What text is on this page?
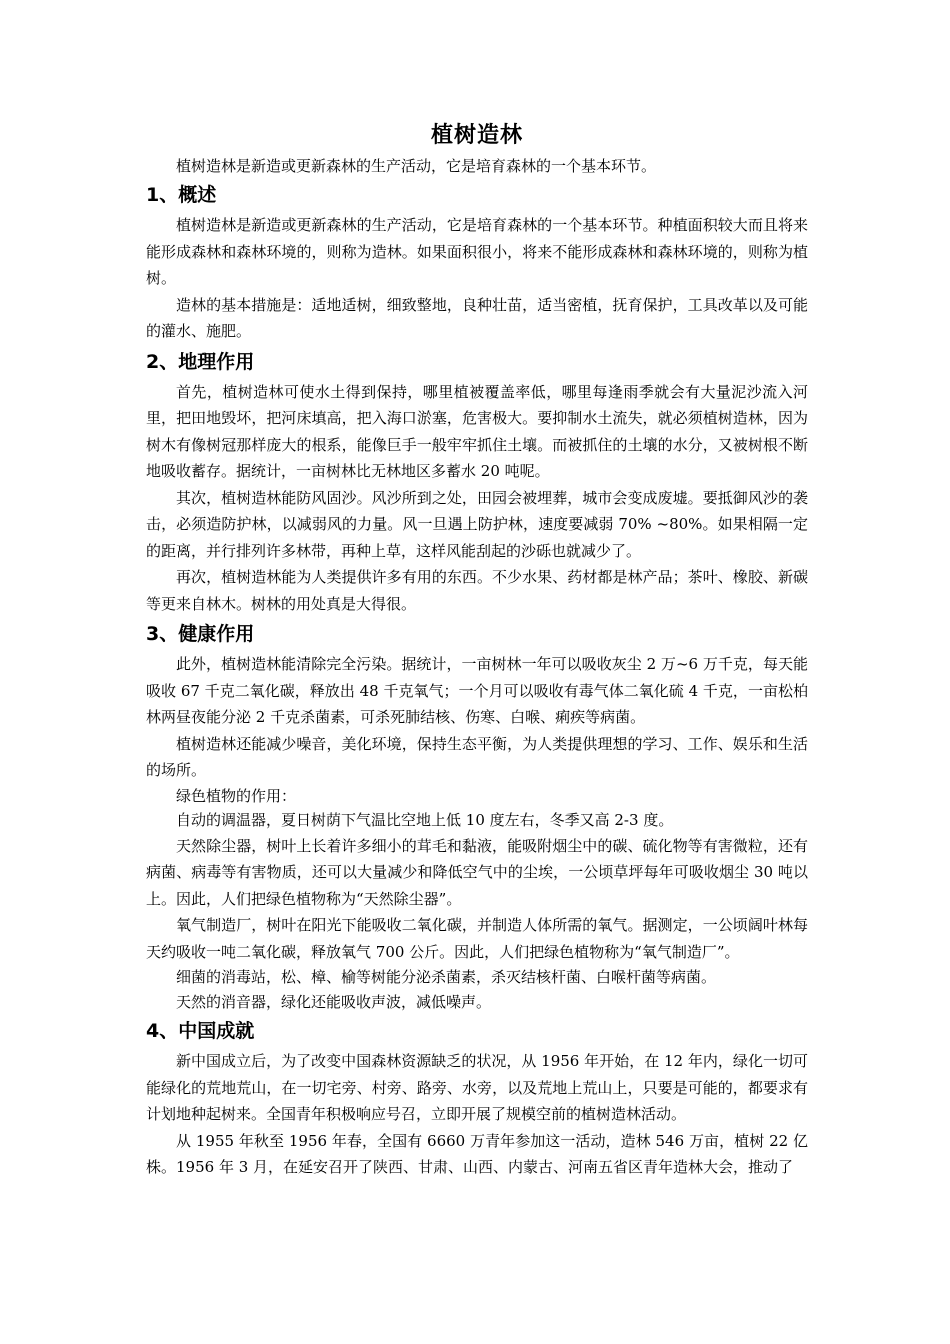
植树造林

植树造林是新造或更新森林的生产活动，它是培育森林的一个基本环节。

1、概述

植树造林是新造或更新森林的生产活动，它是培育森林的一个基本环节。种植面积较大而且将来能形成森林和森林环境的，则称为造林。如果面积很小，将来不能形成森林和森林环境的，则称为植树。

造林的基本措施是：适地适树，细致整地，良种壮苗，适当密植，抚育保护，工具改革以及可能的灌水、施肥。

2、地理作用

首先，植树造林可使水土得到保持，哪里植被覆盖率低，哪里每逢雨季就会有大量泥沙流入河里，把田地毁坏，把河床填高，把入海口淤塞，危害极大。要抑制水土流失，就必须植树造林，因为树木有像树冠那样庞大的根系，能像巨手一般牢牢抓住土壤。而被抓住的土壤的水分，又被树根不断地吸收蓄存。据统计，一亩树林比无林地区多蓄水 20 吨呢。

其次，植树造林能防风固沙。风沙所到之处，田园会被埋葬，城市会变成废墟。要抵御风沙的袭击，必须造防护林，以减弱风的力量。风一旦遇上防护林，速度要减弱 70% ~80%。如果相隔一定的距离，并行排列许多林带，再种上草，这样风能刮起的沙砾也就减少了。

再次，植树造林能为人类提供许多有用的东西。不少水果、药材都是林产品；茶叶、橡胶、新碳等更来自林木。树林的用处真是大得很。

3、健康作用

此外，植树造林能清除完全污染。据统计，一亩树林一年可以吸收灰尘 2 万~6 万千克，每天能吸收 67 千克二氧化碳，释放出 48 千克氧气；一个月可以吸收有毒气体二氧化硫 4 千克，一亩松柏林两昼夜能分泌 2 千克杀菌素，可杀死肺结核、伤寒、白喉、痢疾等病菌。

植树造林还能减少噪音，美化环境，保持生态平衡，为人类提供理想的学习、工作、娱乐和生活的场所。

绿色植物的作用：

自动的调温器，夏日树荫下气温比空地上低 10 度左右，冬季又高 2-3 度。

天然除尘器，树叶上长着许多细小的茸毛和黏液，能吸附烟尘中的碳、硫化物等有害微粒，还有病菌、病毒等有害物质，还可以大量减少和降低空气中的尘埃，一公顷草坪每年可吸收烟尘 30 吨以上。因此，人们把绿色植物称为“天然除尘器”。

氧气制造厂，树叶在阳光下能吸收二氧化碳，并制造人体所需的氧气。据测定，一公顷阔叶林每天约吸收一吨二氧化碳，释放氧气 700 公斤。因此，人们把绿色植物称为“氧气制造厂”。

细菌的消毒站，松、樟、榆等树能分泌杀菌素，杀灭结核杆菌、白喉杆菌等病菌。

天然的消音器，绿化还能吸收声波，减低噪声。

4、中国成就

新中国成立后，为了改变中国森林资源缺乏的状况，从 1956 年开始，在 12 年内，绿化一切可能绿化的荒地荒山，在一切宅旁、村旁、路旁、水旁，以及荒地上荒山上，只要是可能的，都要求有计划地种起树来。全国青年积极响应号召，立即开展了规模空前的植树造林活动。

从 1955 年秋至 1956 年春，全国有 6660 万青年参加这一活动，造林 546 万亩，植树 22 亿株。1956 年 3 月，在延安召开了陕西、甘肃、山西、内蒙古、河南五省区青年造林大会，推动了
